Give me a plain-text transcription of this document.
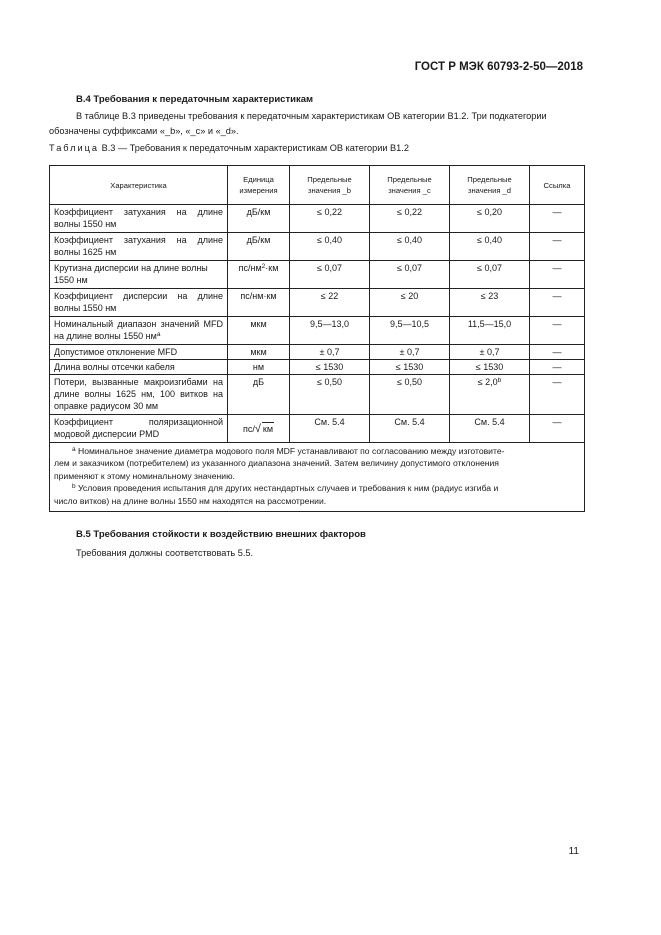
ГОСТ Р МЭК 60793-2-50—2018
В.4 Требования к передаточным характеристикам
В таблице В.3 приведены требования к передаточным характеристикам ОВ категории В1.2. Три подкатегории
обозначены суффиксами «_b», «_c» и «_d».
Таблица В.3 — Требования к передаточным характеристикам ОВ категории В1.2
Характеристика	Единица измерения	Предельные значения _b	Предельные значения _c	Предельные значения _d	Ссылка
Коэффициент затухания на длине волны 1550 нм	дБ/км	≤ 0,22	≤ 0,22	≤ 0,20	—
Коэффициент затухания на длине волны 1625 нм	дБ/км	≤ 0,40	≤ 0,40	≤ 0,40	—
Крутизна дисперсии на длине волны 1550 нм	$пс/нм^2\cdot км$	≤ 0,07	≤ 0,07	≤ 0,07	—
Коэффициент дисперсии на длине волны 1550 нм	пс/нм·км	≤ 22	≤ 20	≤ 23	—
Номинальный диапазон значений MFD на длине волны 1550 $нм^a$	мкм	9,5—13,0	9,5—10,5	11,5—15,0	—
Допустимое отклонение MFD	мкм	± 0,7	± 0,7	± 0,7	—
Длина волны отсечки кабеля	нм	≤ 1530	≤ 1530	≤ 1530	—
Потери, вызванные макроизгибами на длине волны 1625 нм, 100 витков на оправке радиусом 30 мм	дБ	≤ 0,50	≤ 0,50	≤ 2,0$^b$	—
Коэффициент поляризационной модовой дисперсии PMD	пс/√ км	См. 5.4	См. 5.4	См. 5.4	—

$^a$ Номинальное значение диаметра модового поля MDF устанавливают по согласованию между изготовите-

лем и заказчиком (потребителем) из указанного диапазона значений. Затем величину допустимого отклонения

применяют к этому номинальному значению.

$^b$ Условия проведения испытания для других нестандартных случаев и требования к ним (радиус изгиба и

число витков) на длине волны 1550 нм находятся на рассмотрении.					

В.5 Требования стойкости к воздействию внешних факторов
Требования должны соответствовать 5.5.
11
